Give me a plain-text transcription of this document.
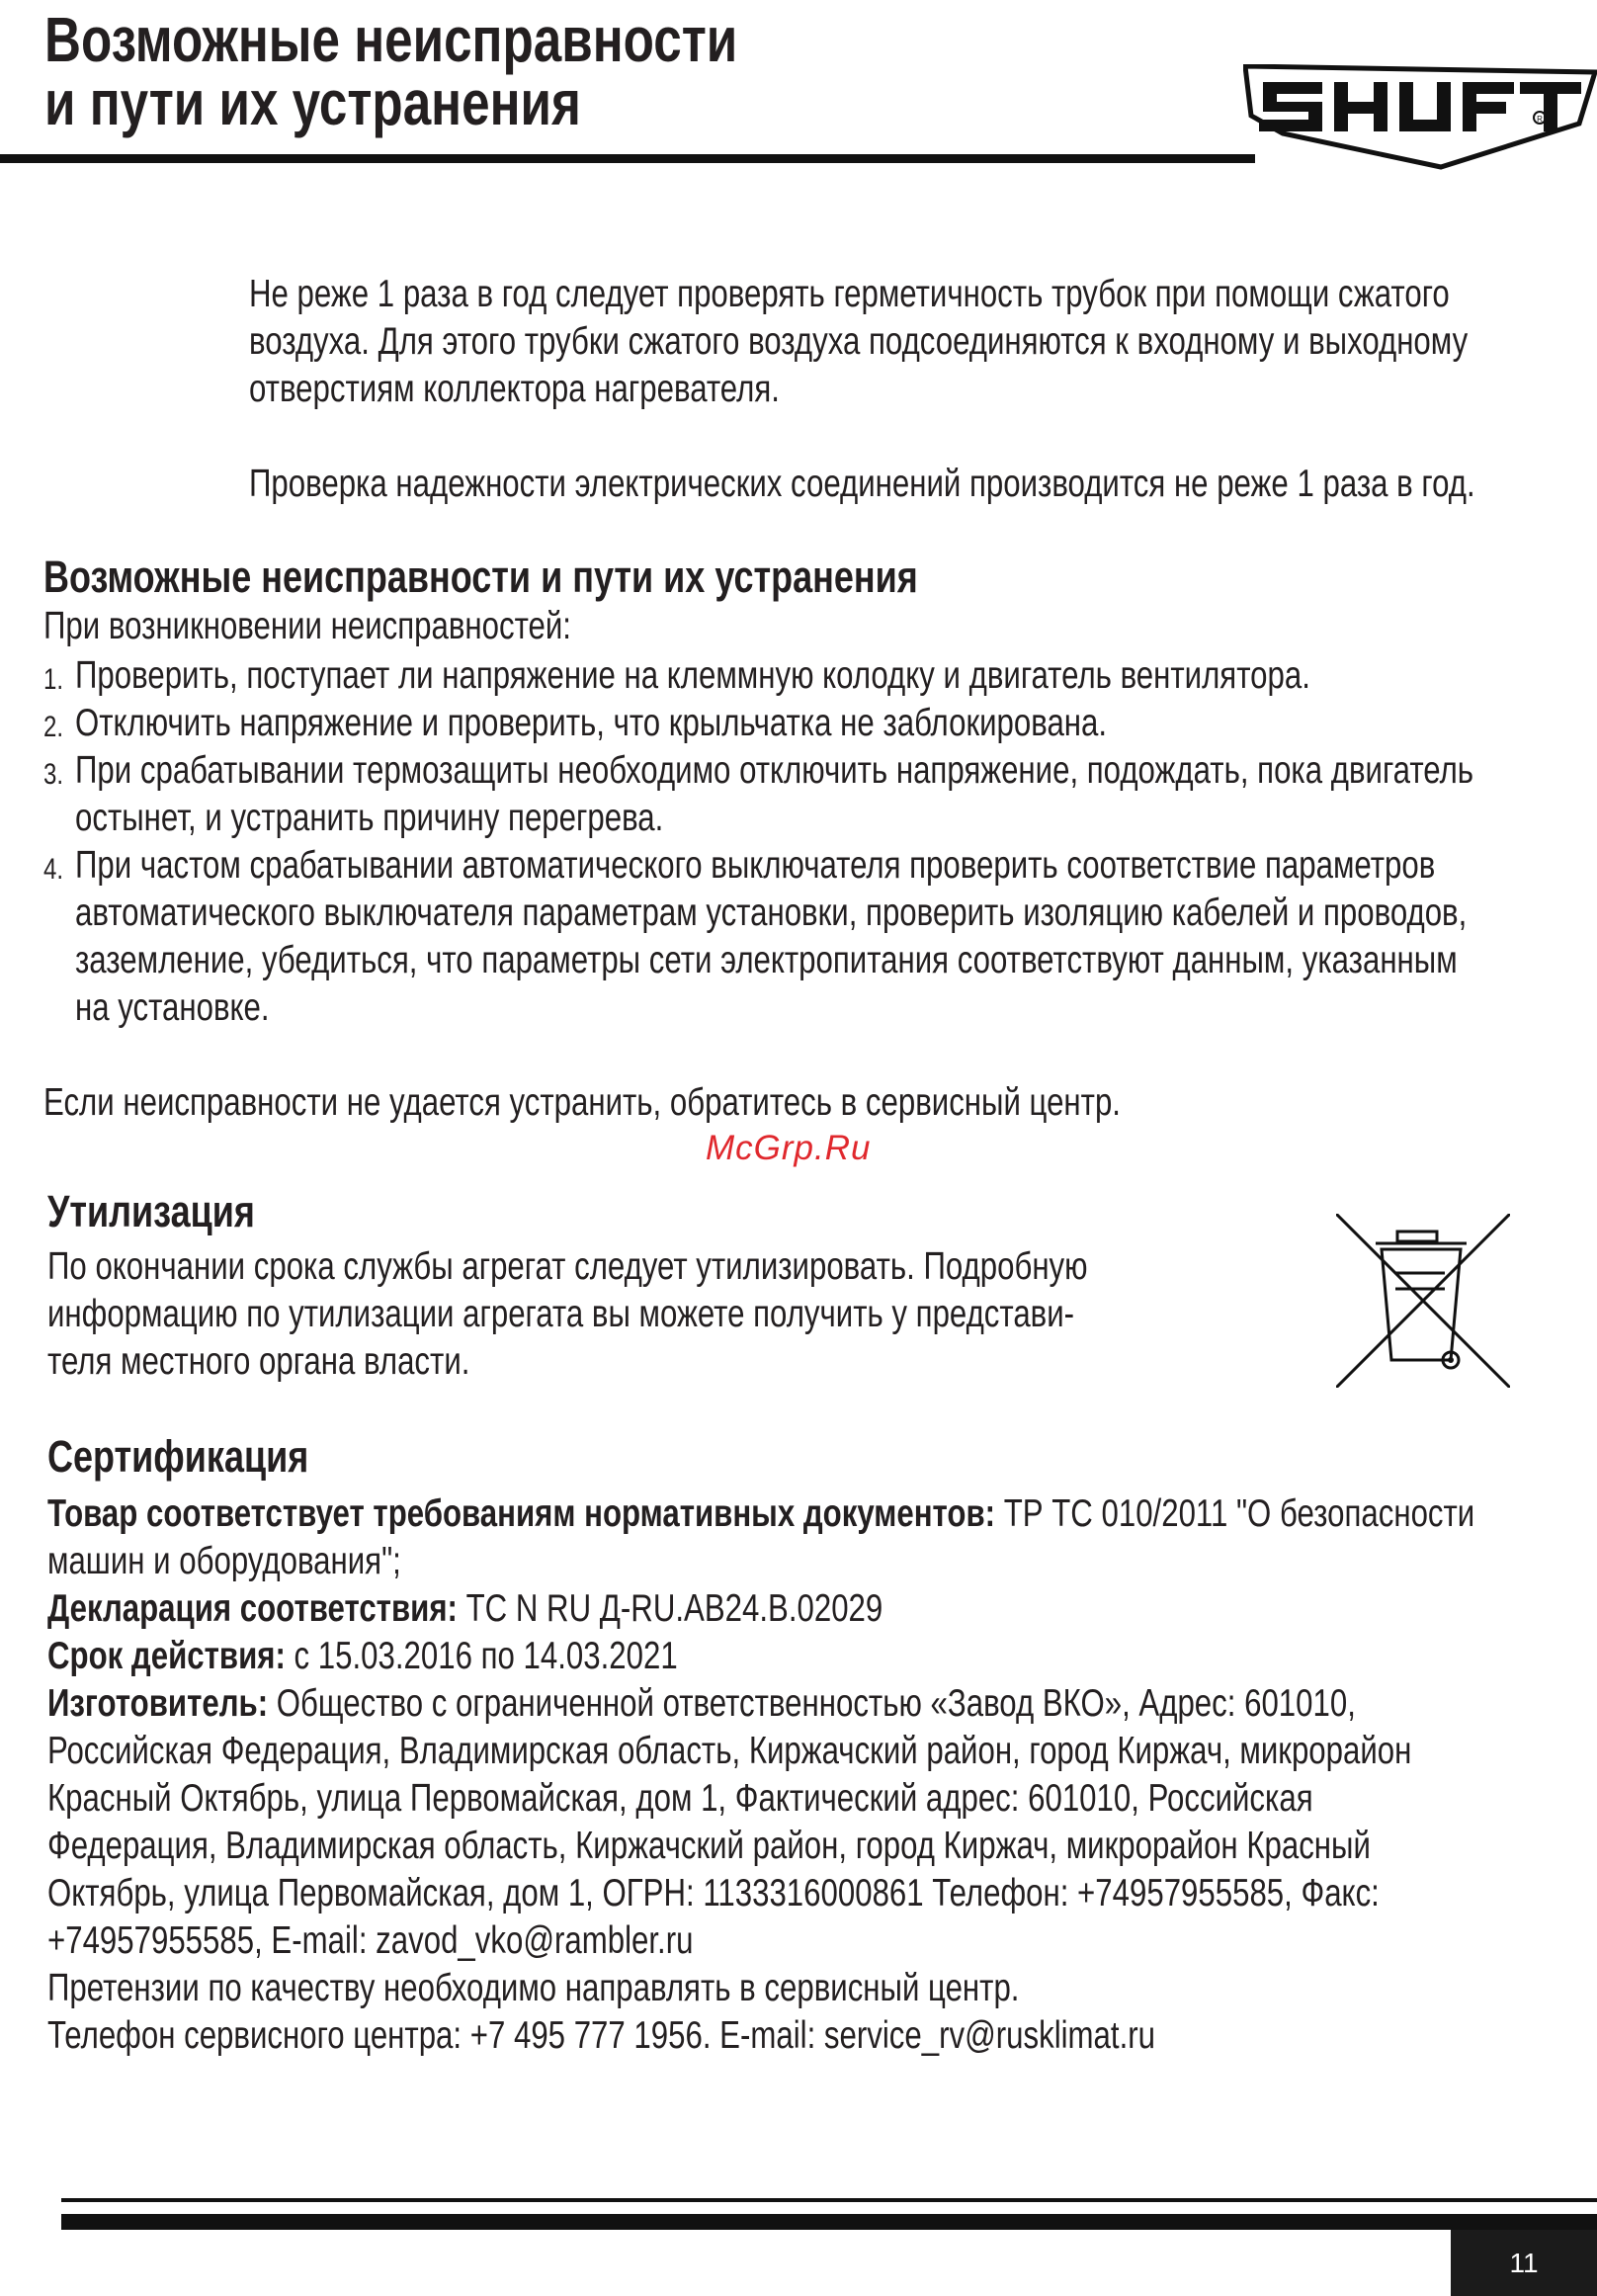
Возможные неисправности
и пути их устранения	R

Не реже 1 раза в год следует проверять герметичность трубок при помощи сжатого

воздуха. Для этого трубки сжатого воздуха подсоединяются к входному и выходному

отверстиям коллектора нагревателя.

Проверка надежности электрических соединений производится не реже 1 раза в год.

Возможные неисправности и пути их устранения
При возникновении неисправностей:
1. Проверить, поступает ли напряжение на клеммную колодку и двигатель вентилятора.
2. Отключить напряжение и проверить, что крыльчатка не заблокирована.
3. При срабатывании термозащиты необходимо отключить напряжение, подождать, пока двигатель
остынет, и устранить причину перегрева.
4. При частом срабатывании автоматического выключателя проверить соответствие параметров
автоматического выключателя параметрам установки, проверить изоляцию кабелей и проводов,
заземление, убедиться, что параметры сети электропитания соответствуют данным, указанным
на установке.
Если неисправности не удается устранить, обратитесь в сервисный центр.
McGrp.Ru
Утилизация
По окончании срока службы агрегат следует утилизировать. Подробную
информацию по утилизации агрегата вы можете получить у представи-
теля местного органа власти.
Сертификация
Товар соответствует требованиям нормативных документов: ТР ТС 010/2011 "О безопасности
машин и оборудования";
Декларация соответствия: ТС N RU Д-RU.АВ24.В.02029
Срок действия: с 15.03.2016 по 14.03.2021
Изготовитель: Общество с ограниченной ответственностью «Завод ВКО», Адрес: 601010,
Российская Федерация, Владимирская область, Киржачский район, город Киржач, микрорайон
Красный Октябрь, улица Первомайская, дом 1, Фактический адрес: 601010, Российская
Федерация, Владимирская область, Киржачский район, город Киржач, микрорайон Красный
Октябрь, улица Первомайская, дом 1, ОГРН: 1133316000861 Телефон: +74957955585, Факс:
+74957955585, E-mail: zavod_vko@rambler.ru
Претензии по качеству необходимо направлять в сервисный центр.
Телефон сервисного центра: +7 495 777 1956. E-mail: service_rv@rusklimat.ru
11
